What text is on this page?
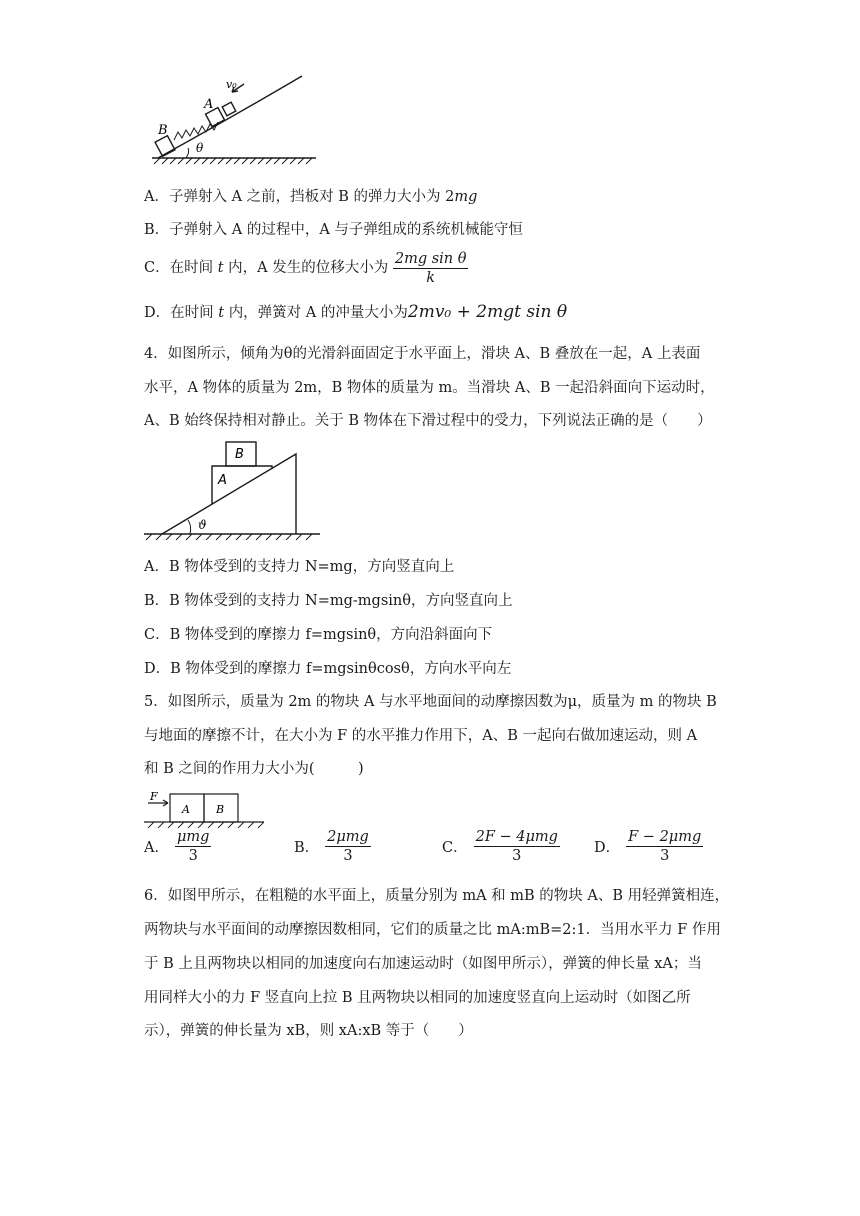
B
A
v₀
θ
A．子弹射入 A 之前，挡板对 B 的弹力大小为 2mg
B．子弹射入 A 的过程中，A 与子弹组成的系统机械能守恒
C．在时间 t 内，A 发生的位移大小为 $\frac{\text{2mg sin θ}}{k}$
D．在时间 t 内，弹簧对 A 的冲量大小为2mv₀ + 2mgt sin θ
4．如图所示，倾角为θ的光滑斜面固定于水平面上，滑块 A、B 叠放在一起，A 上表面
水平，A 物体的质量为 2m，B 物体的质量为 m。当滑块 A、B 一起沿斜面向下运动时，
A、B 始终保持相对静止。关于 B 物体在下滑过程中的受力，下列说法正确的是（　　）
A
B
ϑ
A．B 物体受到的支持力 N=mg，方向竖直向上
B．B 物体受到的支持力 N=mg-mgsinθ，方向竖直向上
C．B 物体受到的摩擦力 f=mgsinθ，方向沿斜面向下
D．B 物体受到的摩擦力 f=mgsinθcosθ，方向水平向左
5．如图所示，质量为 2m 的物块 A 与水平地面间的动摩擦因数为μ，质量为 m 的物块 B
与地面的摩擦不计，在大小为 F 的水平推力作用下，A、B 一起向右做加速运动，则 A
和 B 之间的作用力大小为(　　　)
F
A B
A． $\frac{\text{μmg}}{3}$	B． $\frac{\text{2μmg}}{3}$	C． $\frac{\text{2F − 4μmg}}{3}$ D． $\frac{\text{F − 2μmg}}{3}$
6．如图甲所示，在粗糙的水平面上，质量分别为 mA 和 mB 的物块 A、B 用轻弹簧相连，
两物块与水平面间的动摩擦因数相同，它们的质量之比 mA:mB=2:1．当用水平力 F 作用
于 B 上且两物块以相同的加速度向右加速运动时（如图甲所示），弹簧的伸长量 xA；当
用同样大小的力 F 竖直向上拉 B 且两物块以相同的加速度竖直向上运动时（如图乙所
示），弹簧的伸长量为 xB，则 xA:xB 等于（　　）
